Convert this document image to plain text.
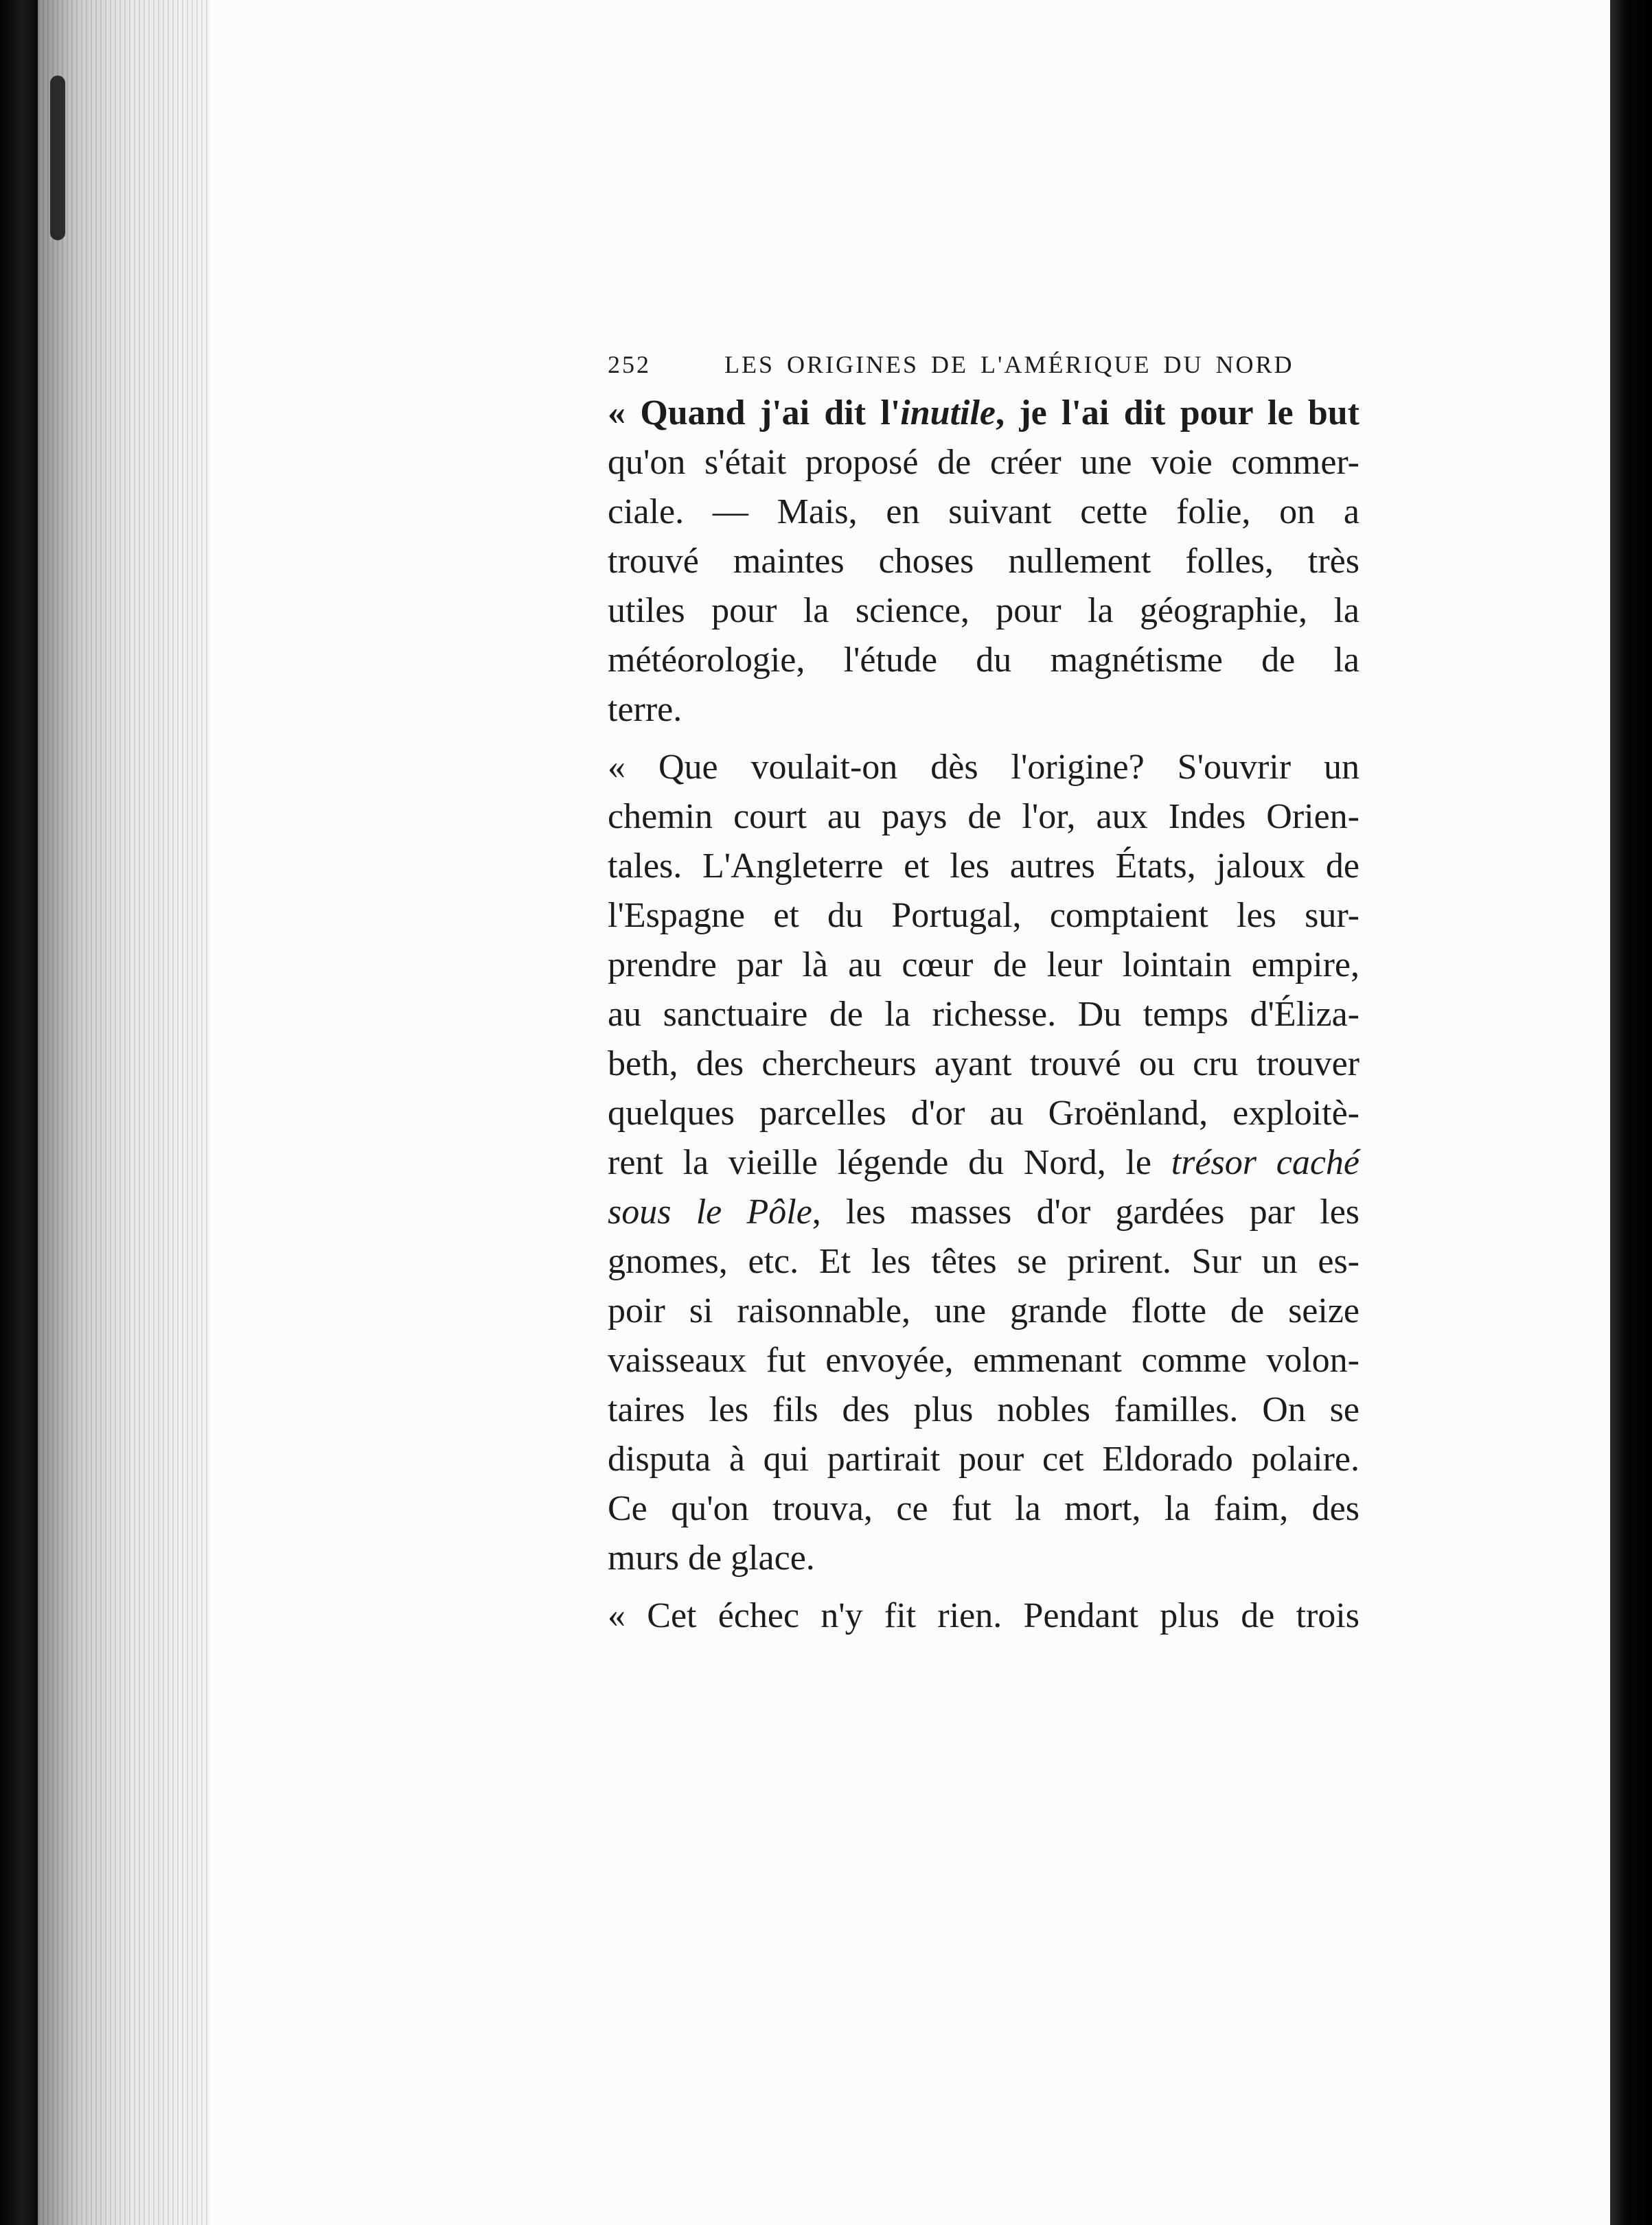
252	LES ORIGINES DE L'AMÉRIQUE DU NORD
« Quand j'ai dit l'inutile, je l'ai dit pour le but
qu'on s'était proposé de créer une voie commer-
ciale. — Mais, en suivant cette folie, on a
trouvé maintes choses nullement folles, très
utiles pour la science, pour la géographie, la
météorologie, l'étude du magnétisme de la
terre.
« Que voulait-on dès l'origine? S'ouvrir un
chemin court au pays de l'or, aux Indes Orien-
tales. L'Angleterre et les autres États, jaloux de
l'Espagne et du Portugal, comptaient les sur-
prendre par là au cœur de leur lointain empire,
au sanctuaire de la richesse. Du temps d'Éliza-
beth, des chercheurs ayant trouvé ou cru trouver
quelques parcelles d'or au Groënland, exploitè-
rent la vieille légende du Nord, le trésor caché
sous le Pôle, les masses d'or gardées par les
gnomes, etc. Et les têtes se prirent. Sur un es-
poir si raisonnable, une grande flotte de seize
vaisseaux fut envoyée, emmenant comme volon-
taires les fils des plus nobles familles. On se
disputa à qui partirait pour cet Eldorado polaire.
Ce qu'on trouva, ce fut la mort, la faim, des
murs de glace.
« Cet échec n'y fit rien. Pendant plus de trois
